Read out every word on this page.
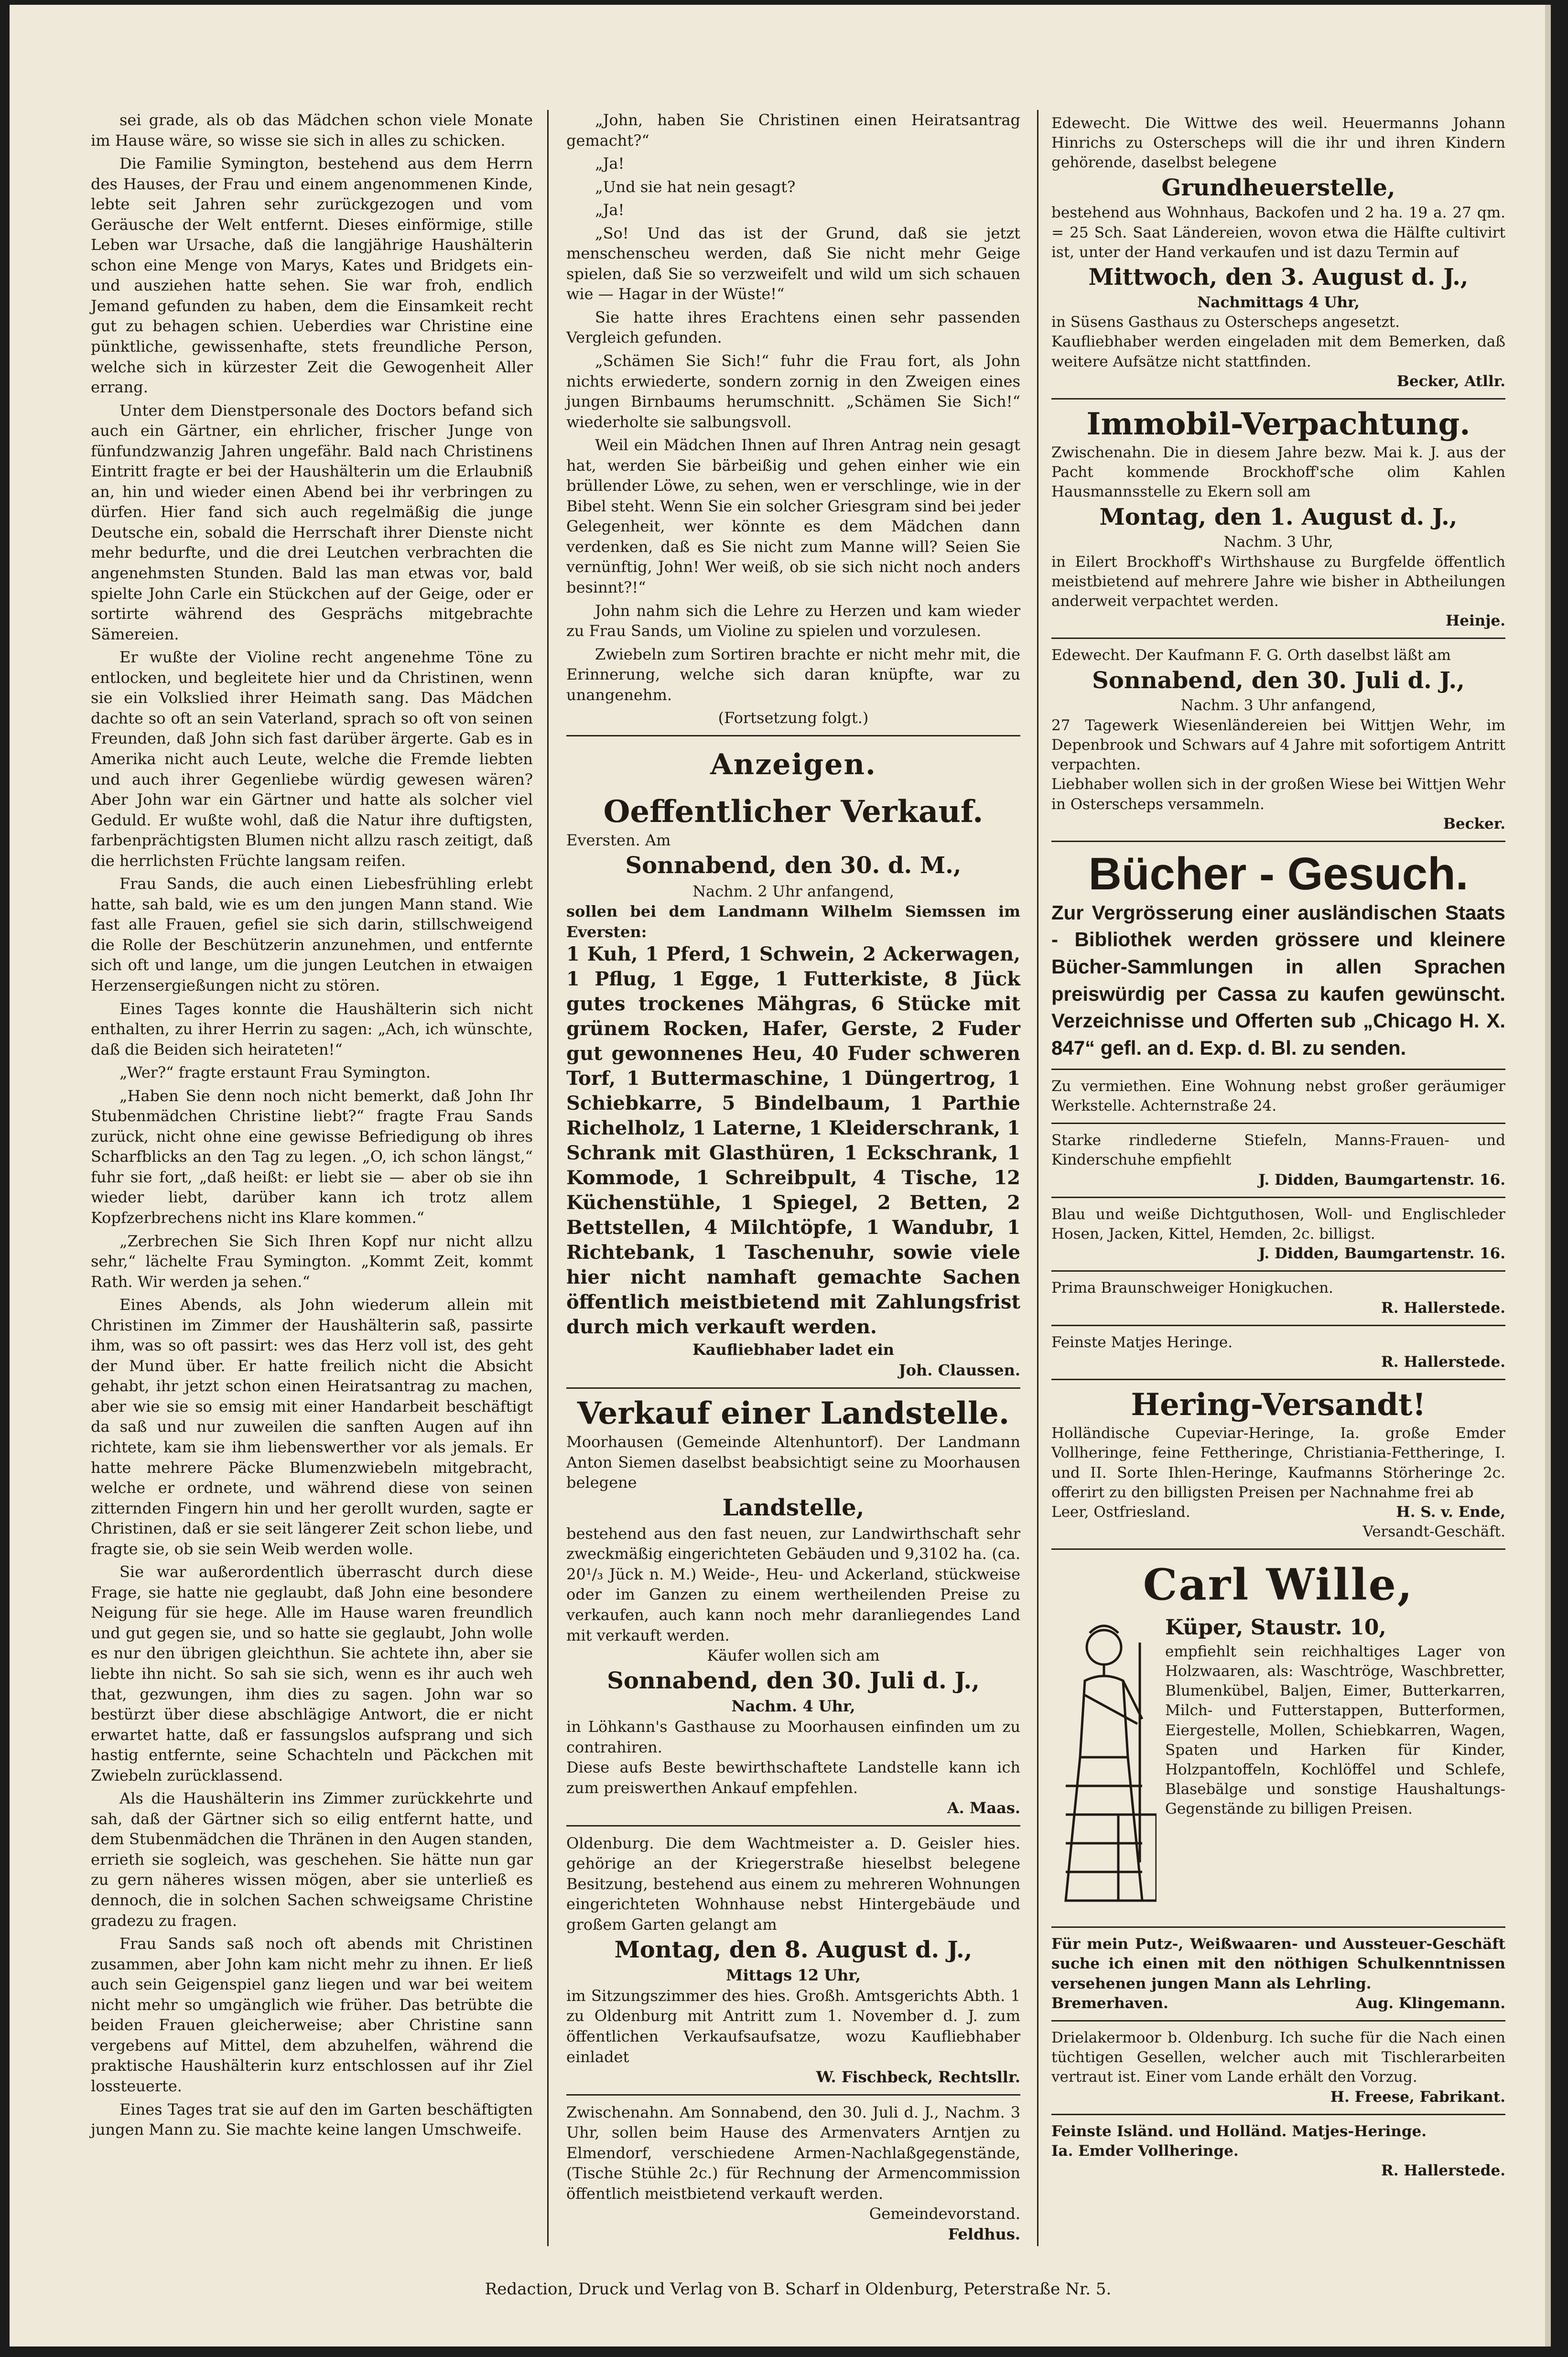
sei grade, als ob das Mädchen schon viele Monate im Hause wäre, so wisse sie sich in alles zu schicken.

Die Familie Symington, bestehend aus dem Herrn des Hauses, der Frau und einem angenommenen Kinde, lebte seit Jahren sehr zurückgezogen und vom Geräusche der Welt entfernt. Dieses einförmige, stille Leben war Ursache, daß die langjährige Haushälterin schon eine Menge von Marys, Kates und Bridgets ein- und ausziehen hatte sehen. Sie war froh, endlich Jemand gefunden zu haben, dem die Einsamkeit recht gut zu behagen schien. Ueberdies war Christine eine pünktliche, gewissenhafte, stets freundliche Person, welche sich in kürzester Zeit die Gewogenheit Aller errang.

Unter dem Dienstpersonale des Doctors befand sich auch ein Gärtner, ein ehrlicher, frischer Junge von fünfundzwanzig Jahren ungefähr. Bald nach Christinens Eintritt fragte er bei der Haushälterin um die Erlaubniß an, hin und wieder einen Abend bei ihr verbringen zu dürfen. Hier fand sich auch regelmäßig die junge Deutsche ein, sobald die Herrschaft ihrer Dienste nicht mehr bedurfte, und die drei Leutchen verbrachten die angenehmsten Stunden. Bald las man etwas vor, bald spielte John Carle ein Stückchen auf der Geige, oder er sortirte während des Gesprächs mitgebrachte Sämereien.

Er wußte der Violine recht angenehme Töne zu entlocken, und begleitete hier und da Christinen, wenn sie ein Volkslied ihrer Heimath sang. Das Mädchen dachte so oft an sein Vaterland, sprach so oft von seinen Freunden, daß John sich fast darüber ärgerte. Gab es in Amerika nicht auch Leute, welche die Fremde liebten und auch ihrer Gegenliebe würdig gewesen wären? Aber John war ein Gärtner und hatte als solcher viel Geduld. Er wußte wohl, daß die Natur ihre duftigsten, farbenprächtigsten Blumen nicht allzu rasch zeitigt, daß die herrlichsten Früchte langsam reifen.

Frau Sands, die auch einen Liebesfrühling erlebt hatte, sah bald, wie es um den jungen Mann stand. Wie fast alle Frauen, gefiel sie sich darin, stillschweigend die Rolle der Beschützerin anzunehmen, und entfernte sich oft und lange, um die jungen Leutchen in etwaigen Herzensergießungen nicht zu stören.

Eines Tages konnte die Haushälterin sich nicht enthalten, zu ihrer Herrin zu sagen: „Ach, ich wünschte, daß die Beiden sich heirateten!“

„Wer?“ fragte erstaunt Frau Symington.

„Haben Sie denn noch nicht bemerkt, daß John Ihr Stubenmädchen Christine liebt?“ fragte Frau Sands zurück, nicht ohne eine gewisse Befriedigung ob ihres Scharfblicks an den Tag zu legen. „O, ich schon längst,“ fuhr sie fort, „daß heißt: er liebt sie — aber ob sie ihn wieder liebt, darüber kann ich trotz allem Kopfzerbrechens nicht ins Klare kommen.“

„Zerbrechen Sie Sich Ihren Kopf nur nicht allzu sehr,“ lächelte Frau Symington. „Kommt Zeit, kommt Rath. Wir werden ja sehen.“

Eines Abends, als John wiederum allein mit Christinen im Zimmer der Haushälterin saß, passirte ihm, was so oft passirt: wes das Herz voll ist, des geht der Mund über. Er hatte freilich nicht die Absicht gehabt, ihr jetzt schon einen Heiratsantrag zu machen, aber wie sie so emsig mit einer Handarbeit beschäftigt da saß und nur zuweilen die sanften Augen auf ihn richtete, kam sie ihm liebenswerther vor als jemals. Er hatte mehrere Päcke Blumenzwiebeln mitgebracht, welche er ordnete, und während diese von seinen zitternden Fingern hin und her gerollt wurden, sagte er Christinen, daß er sie seit längerer Zeit schon liebe, und fragte sie, ob sie sein Weib werden wolle.

Sie war außerordentlich überrascht durch diese Frage, sie hatte nie geglaubt, daß John eine besondere Neigung für sie hege. Alle im Hause waren freundlich und gut gegen sie, und so hatte sie geglaubt, John wolle es nur den übrigen gleichthun. Sie achtete ihn, aber sie liebte ihn nicht. So sah sie sich, wenn es ihr auch weh that, gezwungen, ihm dies zu sagen. John war so bestürzt über diese abschlägige Antwort, die er nicht erwartet hatte, daß er fassungslos aufsprang und sich hastig entfernte, seine Schachteln und Päckchen mit Zwiebeln zurücklassend.

Als die Haushälterin ins Zimmer zurückkehrte und sah, daß der Gärtner sich so eilig entfernt hatte, und dem Stubenmädchen die Thränen in den Augen standen, errieth sie sogleich, was geschehen. Sie hätte nun gar zu gern näheres wissen mögen, aber sie unterließ es dennoch, die in solchen Sachen schweigsame Christine gradezu zu fragen.

Frau Sands saß noch oft abends mit Christinen zusammen, aber John kam nicht mehr zu ihnen. Er ließ auch sein Geigenspiel ganz liegen und war bei weitem nicht mehr so umgänglich wie früher. Das betrübte die beiden Frauen gleicherweise; aber Christine sann vergebens auf Mittel, dem abzuhelfen, während die praktische Haushälterin kurz entschlossen auf ihr Ziel lossteuerte.

Eines Tages trat sie auf den im Garten beschäftigten jungen Mann zu. Sie machte keine langen Umschweife.

„John, haben Sie Christinen einen Heiratsantrag gemacht?“

„Ja!

„Und sie hat nein gesagt?

„Ja!

„So! Und das ist der Grund, daß sie jetzt menschenscheu werden, daß Sie nicht mehr Geige spielen, daß Sie so verzweifelt und wild um sich schauen wie — Hagar in der Wüste!“

Sie hatte ihres Erachtens einen sehr passenden Vergleich gefunden.

„Schämen Sie Sich!“ fuhr die Frau fort, als John nichts erwiederte, sondern zornig in den Zweigen eines jungen Birnbaums herumschnitt. „Schämen Sie Sich!“ wiederholte sie salbungsvoll.

Weil ein Mädchen Ihnen auf Ihren Antrag nein gesagt hat, werden Sie bärbeißig und gehen einher wie ein brüllender Löwe, zu sehen, wen er verschlinge, wie in der Bibel steht. Wenn Sie ein solcher Griesgram sind bei jeder Gelegenheit, wer könnte es dem Mädchen dann verdenken, daß es Sie nicht zum Manne will? Seien Sie vernünftig, John! Wer weiß, ob sie sich nicht noch anders besinnt?!“

John nahm sich die Lehre zu Herzen und kam wieder zu Frau Sands, um Violine zu spielen und vorzulesen.

Zwiebeln zum Sortiren brachte er nicht mehr mit, die Erinnerung, welche sich daran knüpfte, war zu unangenehm.

(Fortsetzung folgt.)

Anzeigen.
Oeffentlicher Verkauf.
Eversten. Am
Sonnabend, den 30. d. M.,
Nachm. 2 Uhr anfangend,
sollen bei dem Landmann Wilhelm Siemssen im Eversten:
1 Kuh, 1 Pferd, 1 Schwein, 2 Ackerwagen, 1 Pflug, 1 Egge, 1 Futterkiste, 8 Jück gutes trockenes Mähgras, 6 Stücke mit grünem Rocken, Hafer, Gerste, 2 Fuder gut gewonnenes Heu, 40 Fuder schweren Torf, 1 Buttermaschine, 1 Düngertrog, 1 Schiebkarre, 5 Bindelbaum, 1 Parthie Richelholz, 1 Laterne, 1 Kleiderschrank, 1 Schrank mit Glasthüren, 1 Eckschrank, 1 Kommode, 1 Schreibpult, 4 Tische, 12 Küchenstühle, 1 Spiegel, 2 Betten, 2 Bettstellen, 4 Milchtöpfe, 1 Wandubr, 1 Richtebank, 1 Taschenuhr, sowie viele hier nicht namhaft gemachte Sachen öffentlich meistbietend mit Zahlungsfrist durch mich verkauft werden.
Kaufliebhaber ladet ein
Joh. Claussen.
Verkauf einer Landstelle.
Moorhausen (Gemeinde Altenhuntorf). Der Landmann Anton Siemen daselbst beabsichtigt seine zu Moorhausen belegene
Landstelle,
bestehend aus den fast neuen, zur Landwirthschaft sehr zweckmäßig eingerichteten Gebäuden und 9,3102 ha. (ca. 20¹/₃ Jück n. M.) Weide-, Heu- und Ackerland, stückweise oder im Ganzen zu einem wertheilenden Preise zu verkaufen, auch kann noch mehr daranliegendes Land mit verkauft werden.
Käufer wollen sich am
Sonnabend, den 30. Juli d. J.,
Nachm. 4 Uhr,
in Löhkann's Gasthause zu Moorhausen einfinden um zu contrahiren.
Diese aufs Beste bewirthschaftete Landstelle kann ich zum preiswerthen Ankauf empfehlen.
A. Maas.
Oldenburg. Die dem Wachtmeister a. D. Geisler hies. gehörige an der Kriegerstraße hieselbst belegene Besitzung, bestehend aus einem zu mehreren Wohnungen eingerichteten Wohnhause nebst Hintergebäude und großem Garten gelangt am
Montag, den 8. August d. J.,
Mittags 12 Uhr,
im Sitzungszimmer des hies. Großh. Amtsgerichts Abth. 1 zu Oldenburg mit Antritt zum 1. November d. J. zum öffentlichen Verkaufsaufsatze, wozu Kaufliebhaber einladet
W. Fischbeck, Rechtsllr.
Zwischenahn. Am Sonnabend, den 30. Juli d. J., Nachm. 3 Uhr, sollen beim Hause des Armenvaters Arntjen zu Elmendorf, verschiedene Armen-Nachlaßgegenstände, (Tische Stühle 2c.) für Rechnung der Armencommission öffentlich meistbietend verkauft werden.
Gemeindevorstand.
Feldhus.
Edewecht. Die Wittwe des weil. Heuermanns Johann Hinrichs zu Osterscheps will die ihr und ihren Kindern gehörende, daselbst belegene
Grundheuerstelle,
bestehend aus Wohnhaus, Backofen und 2 ha. 19 a. 27 qm. = 25 Sch. Saat Ländereien, wovon etwa die Hälfte cultivirt ist, unter der Hand verkaufen und ist dazu Termin auf
Mittwoch, den 3. August d. J.,
Nachmittags 4 Uhr,
in Süsens Gasthaus zu Osterscheps angesetzt.
Kaufliebhaber werden eingeladen mit dem Bemerken, daß weitere Aufsätze nicht stattfinden.
Becker, Atllr.
Immobil-Verpachtung.
Zwischenahn. Die in diesem Jahre bezw. Mai k. J. aus der Pacht kommende Brockhoff'sche olim Kahlen Hausmannsstelle zu Ekern soll am
Montag, den 1. August d. J.,
Nachm. 3 Uhr,
in Eilert Brockhoff's Wirthshause zu Burgfelde öffentlich meistbietend auf mehrere Jahre wie bisher in Abtheilungen anderweit verpachtet werden.
Heinje.
Edewecht. Der Kaufmann F. G. Orth daselbst läßt am
Sonnabend, den 30. Juli d. J.,
Nachm. 3 Uhr anfangend,
27 Tagewerk Wiesenländereien bei Wittjen Wehr, im Depenbrook und Schwars auf 4 Jahre mit sofortigem Antritt verpachten.
Liebhaber wollen sich in der großen Wiese bei Wittjen Wehr in Osterscheps versammeln.
Becker.
Bücher - Gesuch.
Zur Vergrösserung einer ausländischen Staats - Bibliothek werden grössere und kleinere Bücher-Sammlungen in allen Sprachen preiswürdig per Cassa zu kaufen gewünscht. Verzeichnisse und Offerten sub „Chicago H. X. 847“ gefl. an d. Exp. d. Bl. zu senden.
Zu vermiethen. Eine Wohnung nebst großer geräumiger Werkstelle. Achternstraße 24.
Starke rindlederne Stiefeln, Manns-Frauen- und Kinderschuhe empfiehlt
J. Didden, Baumgartenstr. 16.
Blau und weiße Dichtguthosen, Woll- und Englischleder Hosen, Jacken, Kittel, Hemden, 2c. billigst.
J. Didden, Baumgartenstr. 16.
Prima Braunschweiger Honigkuchen.
R. Hallerstede.
Feinste Matjes Heringe.
R. Hallerstede.
Hering-Versandt!
Holländische Cupeviar-Heringe, Ia. große Emder Vollheringe, feine Fettheringe, Christiania-Fettheringe, I. und II. Sorte Ihlen-Heringe, Kaufmanns Störheringe 2c. offerirt zu den billigsten Preisen per Nachnahme frei ab
Leer, Ostfriesland.	H. S. v. Ende,
Versandt-Geschäft.
Carl Wille,
Küper, Staustr. 10,
empfiehlt sein reichhaltiges Lager von Holzwaaren, als: Waschtröge, Waschbretter, Blumenkübel, Baljen, Eimer, Butterkarren, Milch- und Futterstappen, Butterformen, Eiergestelle, Mollen, Schiebkarren, Wagen, Spaten und Harken für Kinder, Holzpantoffeln, Kochlöffel und Schlefe, Blasebälge und sonstige Haushaltungs-Gegenstände zu billigen Preisen.
Für mein Putz-, Weißwaaren- und Aussteuer-Geschäft suche ich einen mit den nöthigen Schulkenntnissen versehenen jungen Mann als Lehrling.
Bremerhaven.	Aug. Klingemann.
Drielakermoor b. Oldenburg. Ich suche für die Nach einen tüchtigen Gesellen, welcher auch mit Tischlerarbeiten vertraut ist. Einer vom Lande erhält den Vorzug.
H. Freese, Fabrikant.
Feinste Isländ. und Holländ. Matjes-Heringe.
Ia. Emder Vollheringe.
R. Hallerstede.
Redaction, Druck und Verlag von B. Scharf in Oldenburg, Peterstraße Nr. 5.
